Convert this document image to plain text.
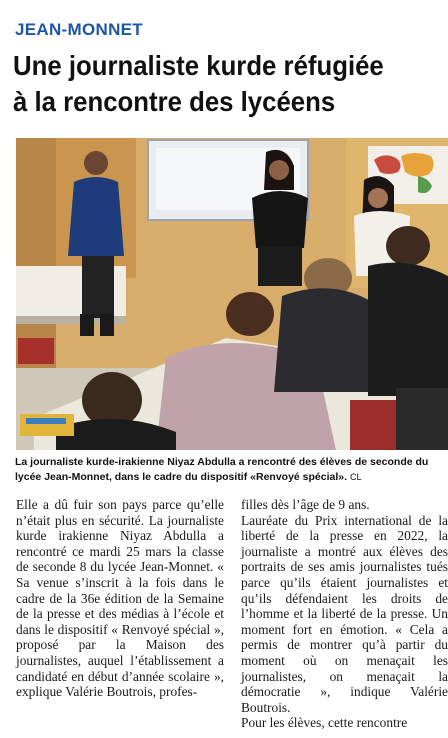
JEAN-MONNET
Une journaliste kurde réfugiée
à la rencontre des lycéens
La journaliste kurde-irakienne Niyaz Abdulla a rencontré des élèves de seconde du lycée Jean-Monnet, dans le cadre du dispositif «Renvoyé spécial». CL

Elle a dû fuir son pays parce qu’elle n’était plus en sécurité. La journaliste kurde irakienne Niyaz Abdulla a rencontré ce mardi 25 mars la classe de seconde 8 du lycée Jean-Monnet. « Sa venue s’inscrit à la fois dans le cadre de la 36e édition de la Semaine de la presse et des médias à l’école et dans le dispositif « Renvoyé spécial », proposé par la Maison des journalistes, auquel l’établissement a candidaté en début d’année scolaire », explique Valérie Boutrois, profes-

filles dès l’âge de 9 ans.

Lauréate du Prix international de la liberté de la presse en 2022, la journaliste a montré aux élèves des portraits de ses amis journalistes tués parce qu’ils étaient journalistes et qu’ils défendaient les droits de l’homme et la liberté de la presse. Un moment fort en émotion. « Cela a permis de montrer qu’à partir du moment où on menaçait les journalistes, on menaçait la démocratie », indique Valérie Boutrois.

Pour les élèves, cette rencontre
